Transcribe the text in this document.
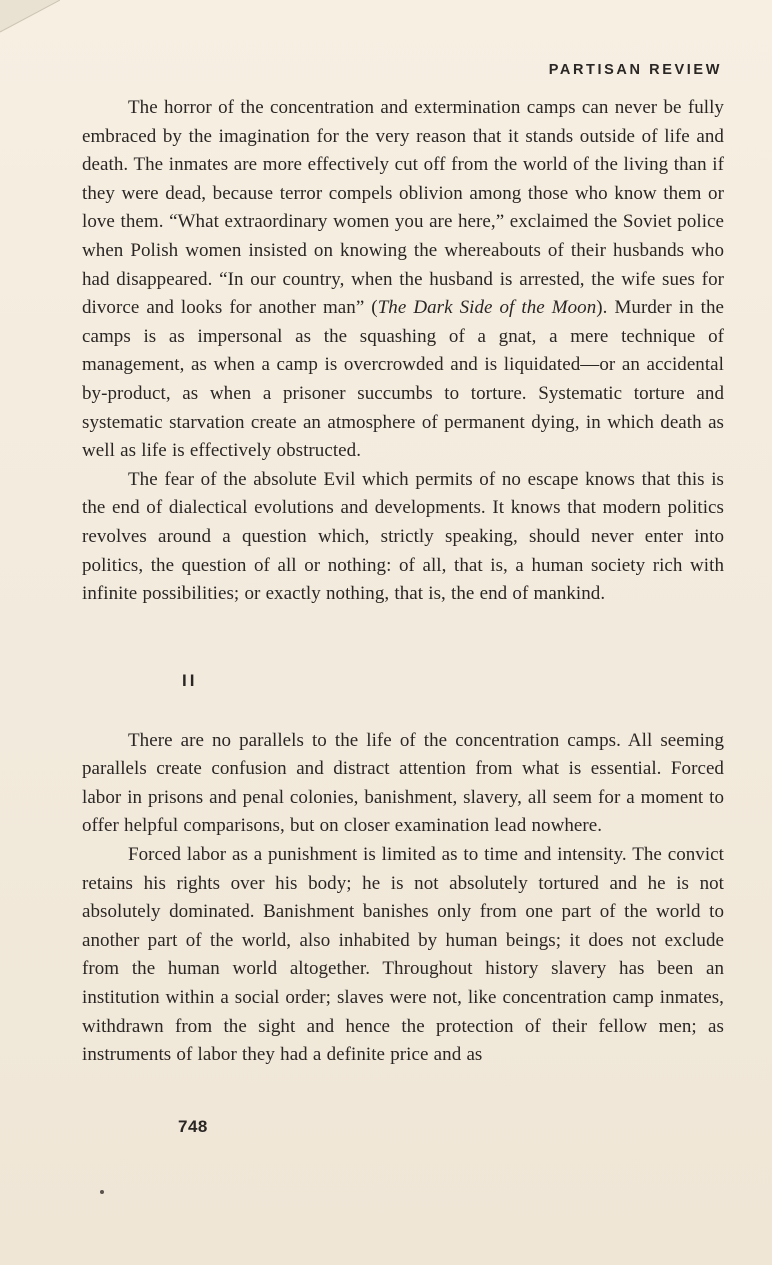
PARTISAN REVIEW

The horror of the concentration and extermination camps can never be fully embraced by the imagination for the very reason that it stands outside of life and death. The inmates are more effectively cut off from the world of the living than if they were dead, because terror compels oblivion among those who know them or love them. “What extraordinary women you are here,” exclaimed the Soviet police when Polish women insisted on knowing the whereabouts of their husbands who had disappeared. “In our country, when the husband is arrested, the wife sues for divorce and looks for another man” (The Dark Side of the Moon). Murder in the camps is as impersonal as the squashing of a gnat, a mere technique of management, as when a camp is overcrowded and is liquidated—or an accidental by-product, as when a prisoner succumbs to torture. Systematic torture and systematic starvation create an atmosphere of permanent dying, in which death as well as life is effectively obstructed.

The fear of the absolute Evil which permits of no escape knows that this is the end of dialectical evolutions and developments. It knows that modern politics revolves around a question which, strictly speaking, should never enter into politics, the question of all or nothing: of all, that is, a human society rich with infinite possibilities; or exactly nothing, that is, the end of mankind.

II

There are no parallels to the life of the concentration camps. All seeming parallels create confusion and distract attention from what is essential. Forced labor in prisons and penal colonies, banishment, slavery, all seem for a moment to offer helpful comparisons, but on closer examination lead nowhere.

Forced labor as a punishment is limited as to time and intensity. The convict retains his rights over his body; he is not absolutely tortured and he is not absolutely dominated. Banishment banishes only from one part of the world to another part of the world, also inhabited by human beings; it does not exclude from the human world altogether. Throughout history slavery has been an institution within a social order; slaves were not, like concentration camp inmates, withdrawn from the sight and hence the protection of their fellow men; as instruments of labor they had a definite price and as

748
